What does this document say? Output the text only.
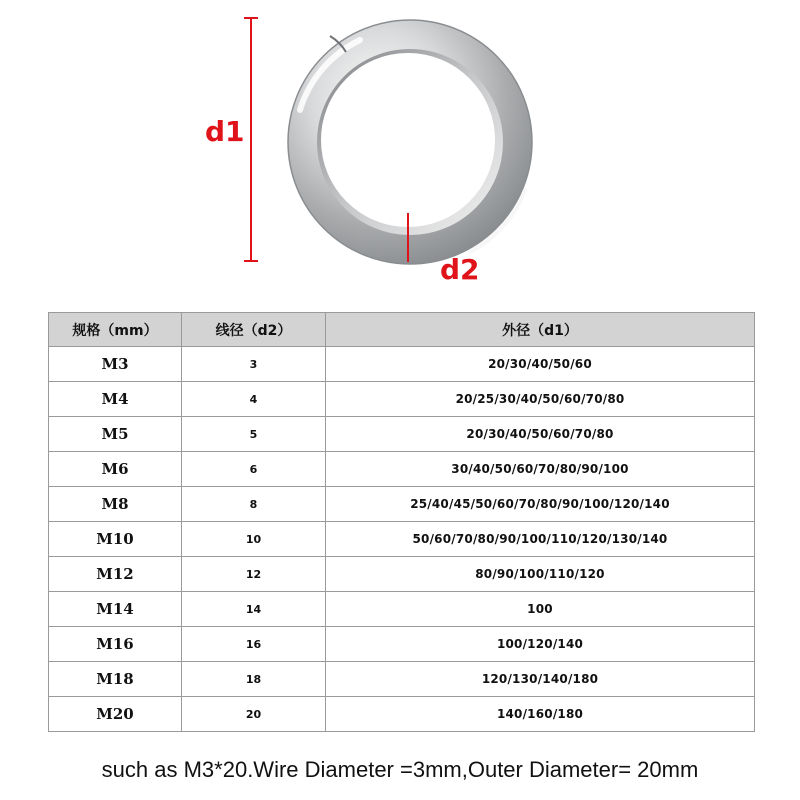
d1
d2
规格（mm）	线径（d2）	外径（d1）
M3	3	20/30/40/50/60
M4	4	20/25/30/40/50/60/70/80
M5	5	20/30/40/50/60/70/80
M6	6	30/40/50/60/70/80/90/100
M8	8	25/40/45/50/60/70/80/90/100/120/140
M10	10	50/60/70/80/90/100/110/120/130/140
M12	12	80/90/100/110/120
M14	14	100
M16	16	100/120/140
M18	18	120/130/140/180
M20	20	140/160/180
such as M3*20.Wire Diameter =3mm,Outer Diameter= 20mm
